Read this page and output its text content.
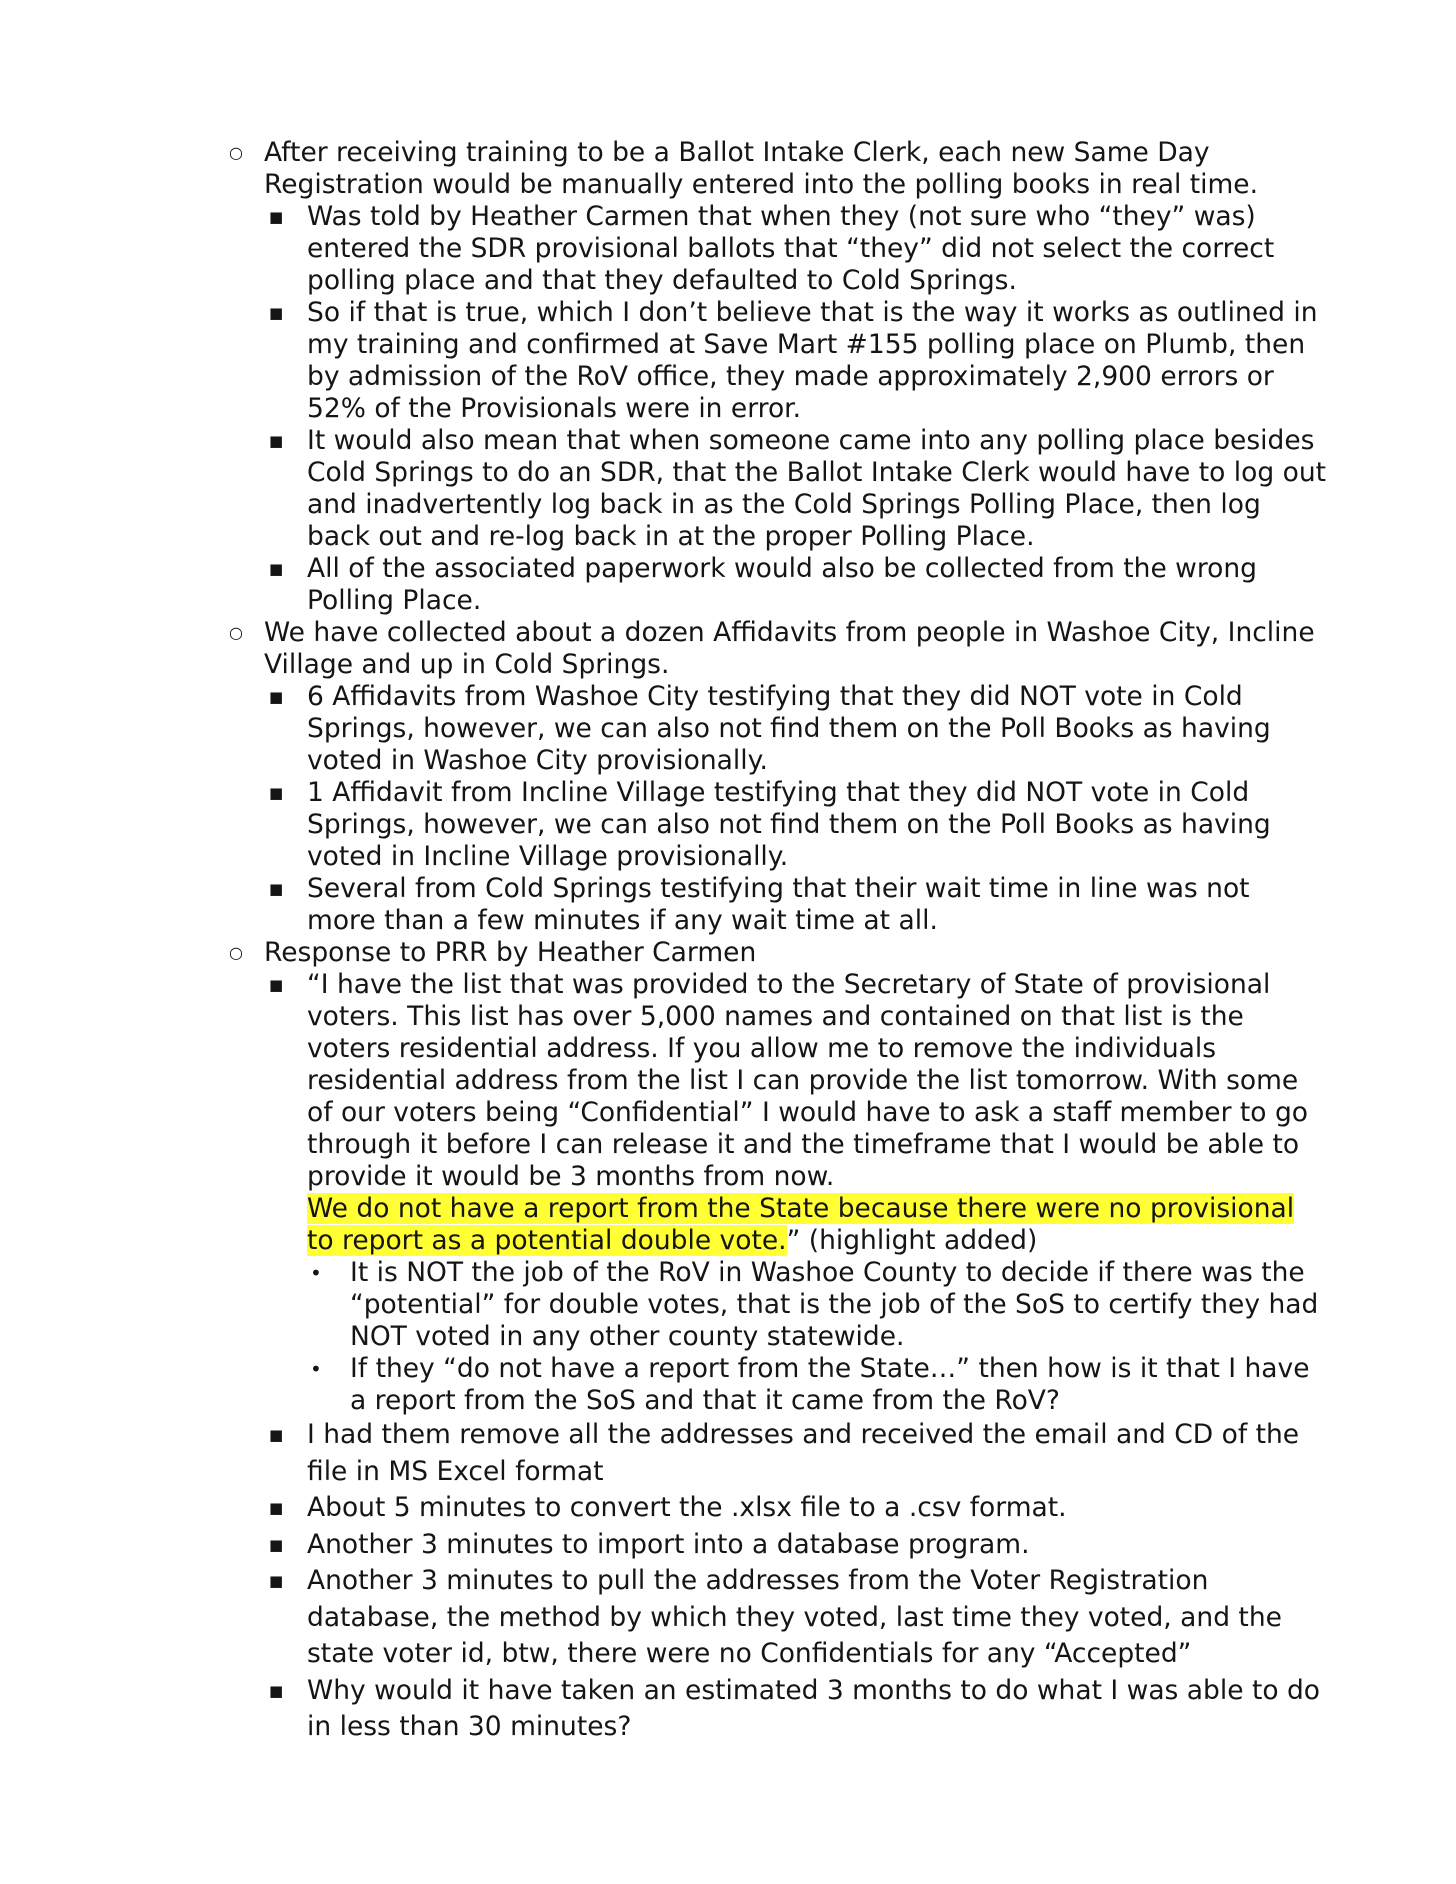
○ After receiving training to be a Ballot Intake Clerk, each new Same Day Registration would be manually entered into the polling books in real time.
■ Was told by Heather Carmen that when they (not sure who “they” was) entered the SDR provisional ballots that “they” did not select the correct polling place and that they defaulted to Cold Springs.
■ So if that is true, which I don’t believe that is the way it works as outlined in my training and confirmed at Save Mart #155 polling place on Plumb, then by admission of the RoV office, they made approximately 2,900 errors or 52% of the Provisionals were in error.
■ It would also mean that when someone came into any polling place besides Cold Springs to do an SDR, that the Ballot Intake Clerk would have to log out and inadvertently log back in as the Cold Springs Polling Place, then log back out and re-log back in at the proper Polling Place.
■ All of the associated paperwork would also be collected from the wrong Polling Place.
○ We have collected about a dozen Affidavits from people in Washoe City, Incline Village and up in Cold Springs.
■ 6 Affidavits from Washoe City testifying that they did NOT vote in Cold Springs, however, we can also not find them on the Poll Books as having voted in Washoe City provisionally.
■ 1 Affidavit from Incline Village testifying that they did NOT vote in Cold Springs, however, we can also not find them on the Poll Books as having voted in Incline Village provisionally.
■ Several from Cold Springs testifying that their wait time in line was not more than a few minutes if any wait time at all.
○ Response to PRR by Heather Carmen
■ “I have the list that was provided to the Secretary of State of provisional voters. This list has over 5,000 names and contained on that list is the voters residential address. If you allow me to remove the individuals residential address from the list I can provide the list tomorrow. With some of our voters being “Confidential” I would have to ask a staff member to go through it before I can release it and the timeframe that I would be able to provide it would be 3 months from now.
We do not have a report from the State because there were no provisional to report as a potential double vote.” (highlight added)
• It is NOT the job of the RoV in Washoe County to decide if there was the “potential” for double votes, that is the job of the SoS to certify they had NOT voted in any other county statewide.
• If they “do not have a report from the State…” then how is it that I have a report from the SoS and that it came from the RoV?
■ I had them remove all the addresses and received the email and CD of the file in MS Excel format
■ About 5 minutes to convert the .xlsx file to a .csv format.
■ Another 3 minutes to import into a database program.
■ Another 3 minutes to pull the addresses from the Voter Registration database, the method by which they voted, last time they voted, and the state voter id, btw, there were no Confidentials for any “Accepted”
■ Why would it have taken an estimated 3 months to do what I was able to do in less than 30 minutes?
